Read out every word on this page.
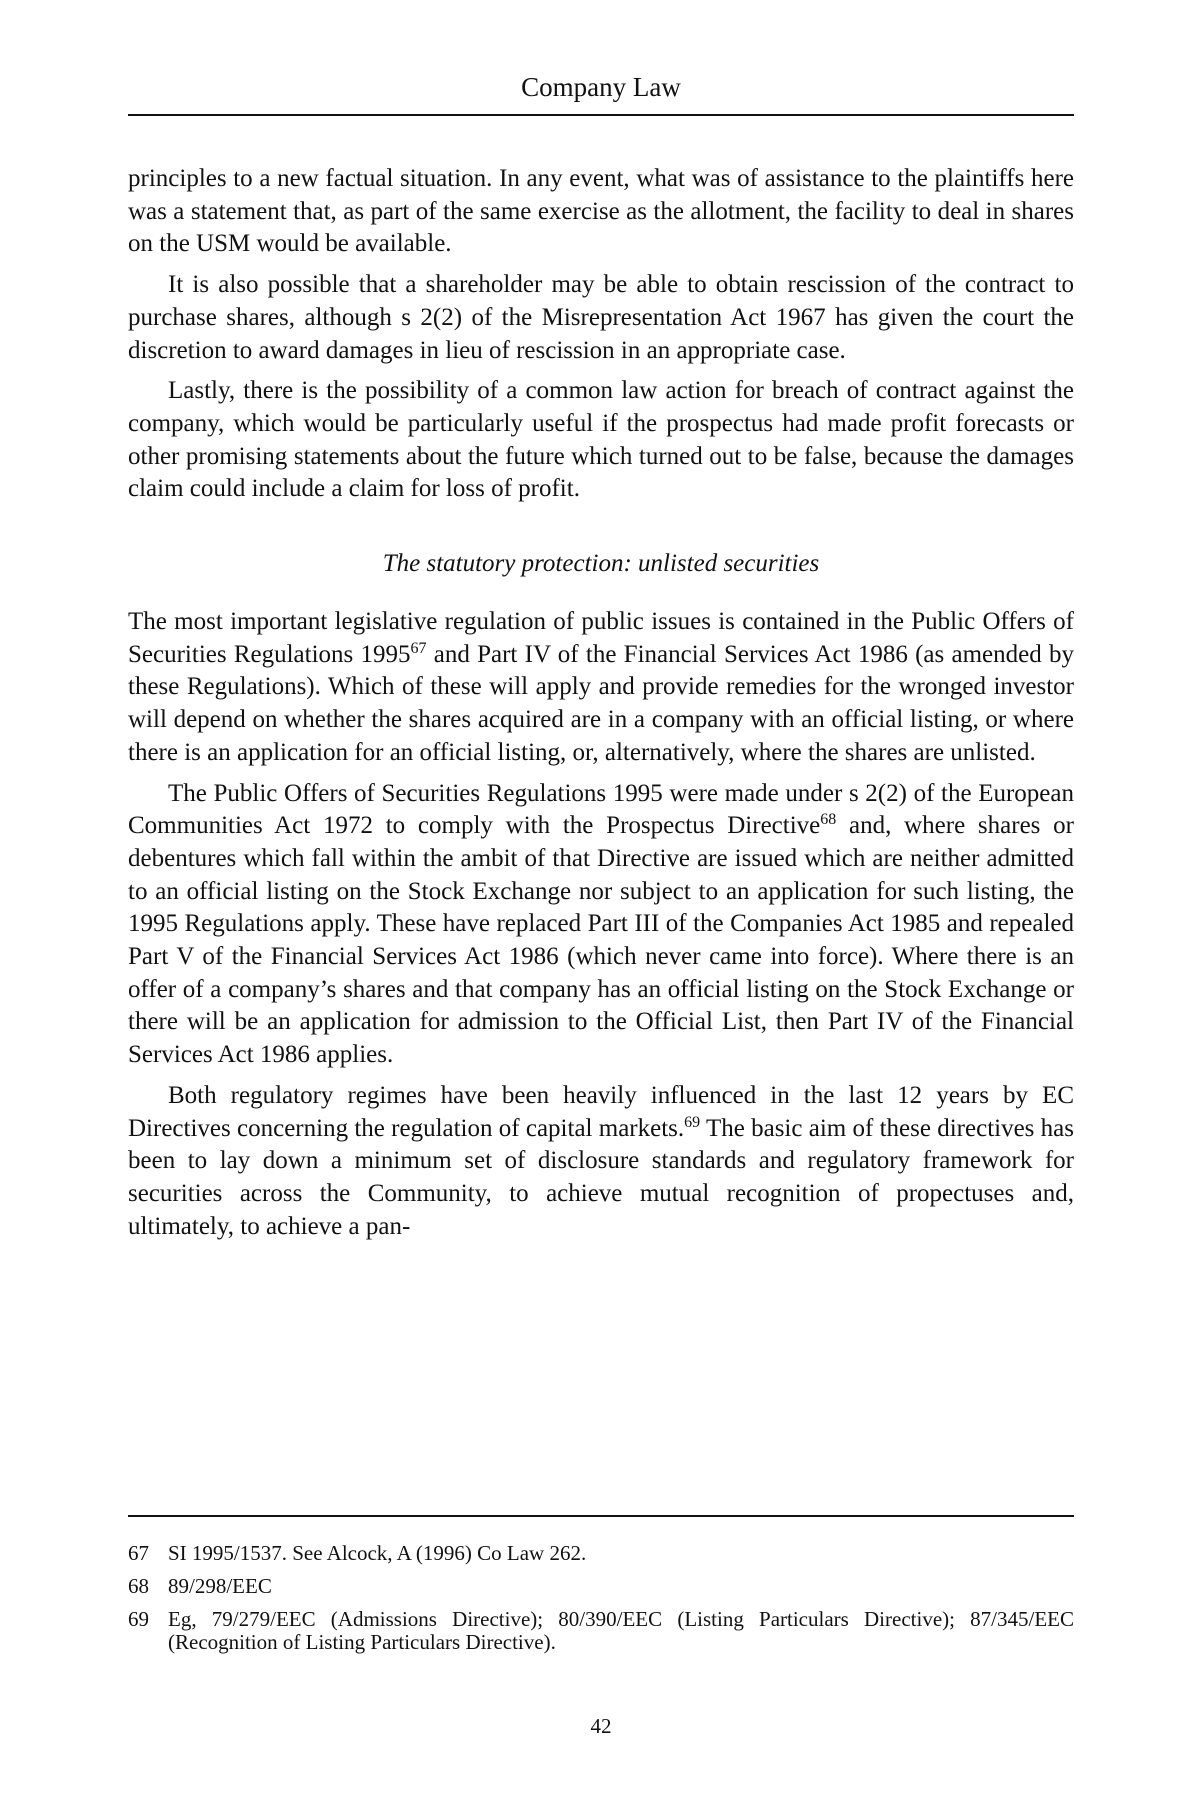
Company Law

principles to a new factual situation. In any event, what was of assistance to the plaintiffs here was a statement that, as part of the same exercise as the allotment, the facility to deal in shares on the USM would be available.

It is also possible that a shareholder may be able to obtain rescission of the contract to purchase shares, although s 2(2) of the Misrepresentation Act 1967 has given the court the discretion to award damages in lieu of rescission in an appropriate case.

Lastly, there is the possibility of a common law action for breach of contract against the company, which would be particularly useful if the prospectus had made profit forecasts or other promising statements about the future which turned out to be false, because the damages claim could include a claim for loss of profit.

The statutory protection: unlisted securities

The most important legislative regulation of public issues is contained in the Public Offers of Securities Regulations 1995$^{67}$ and Part IV of the Financial Services Act 1986 (as amended by these Regulations). Which of these will apply and provide remedies for the wronged investor will depend on whether the shares acquired are in a company with an official listing, or where there is an application for an official listing, or, alternatively, where the shares are unlisted.

The Public Offers of Securities Regulations 1995 were made under s 2(2) of the European Communities Act 1972 to comply with the Prospectus Directive$^{68}$ and, where shares or debentures which fall within the ambit of that Directive are issued which are neither admitted to an official listing on the Stock Exchange nor subject to an application for such listing, the 1995 Regulations apply. These have replaced Part III of the Companies Act 1985 and repealed Part V of the Financial Services Act 1986 (which never came into force). Where there is an offer of a company’s shares and that company has an official listing on the Stock Exchange or there will be an application for admission to the Official List, then Part IV of the Financial Services Act 1986 applies.

Both regulatory regimes have been heavily influenced in the last 12 years by EC Directives concerning the regulation of capital markets.$^{69}$ The basic aim of these directives has been to lay down a minimum set of disclosure standards and regulatory framework for securities across the Community, to achieve mutual recognition of propectuses and, ultimately, to achieve a pan-

67 SI 1995/1537. See Alcock, A (1996) Co Law 262.
68 89/298/EEC
69 Eg, 79/279/EEC (Admissions Directive); 80/390/EEC (Listing Particulars Directive); 87/345/EEC (Recognition of Listing Particulars Directive).
42
